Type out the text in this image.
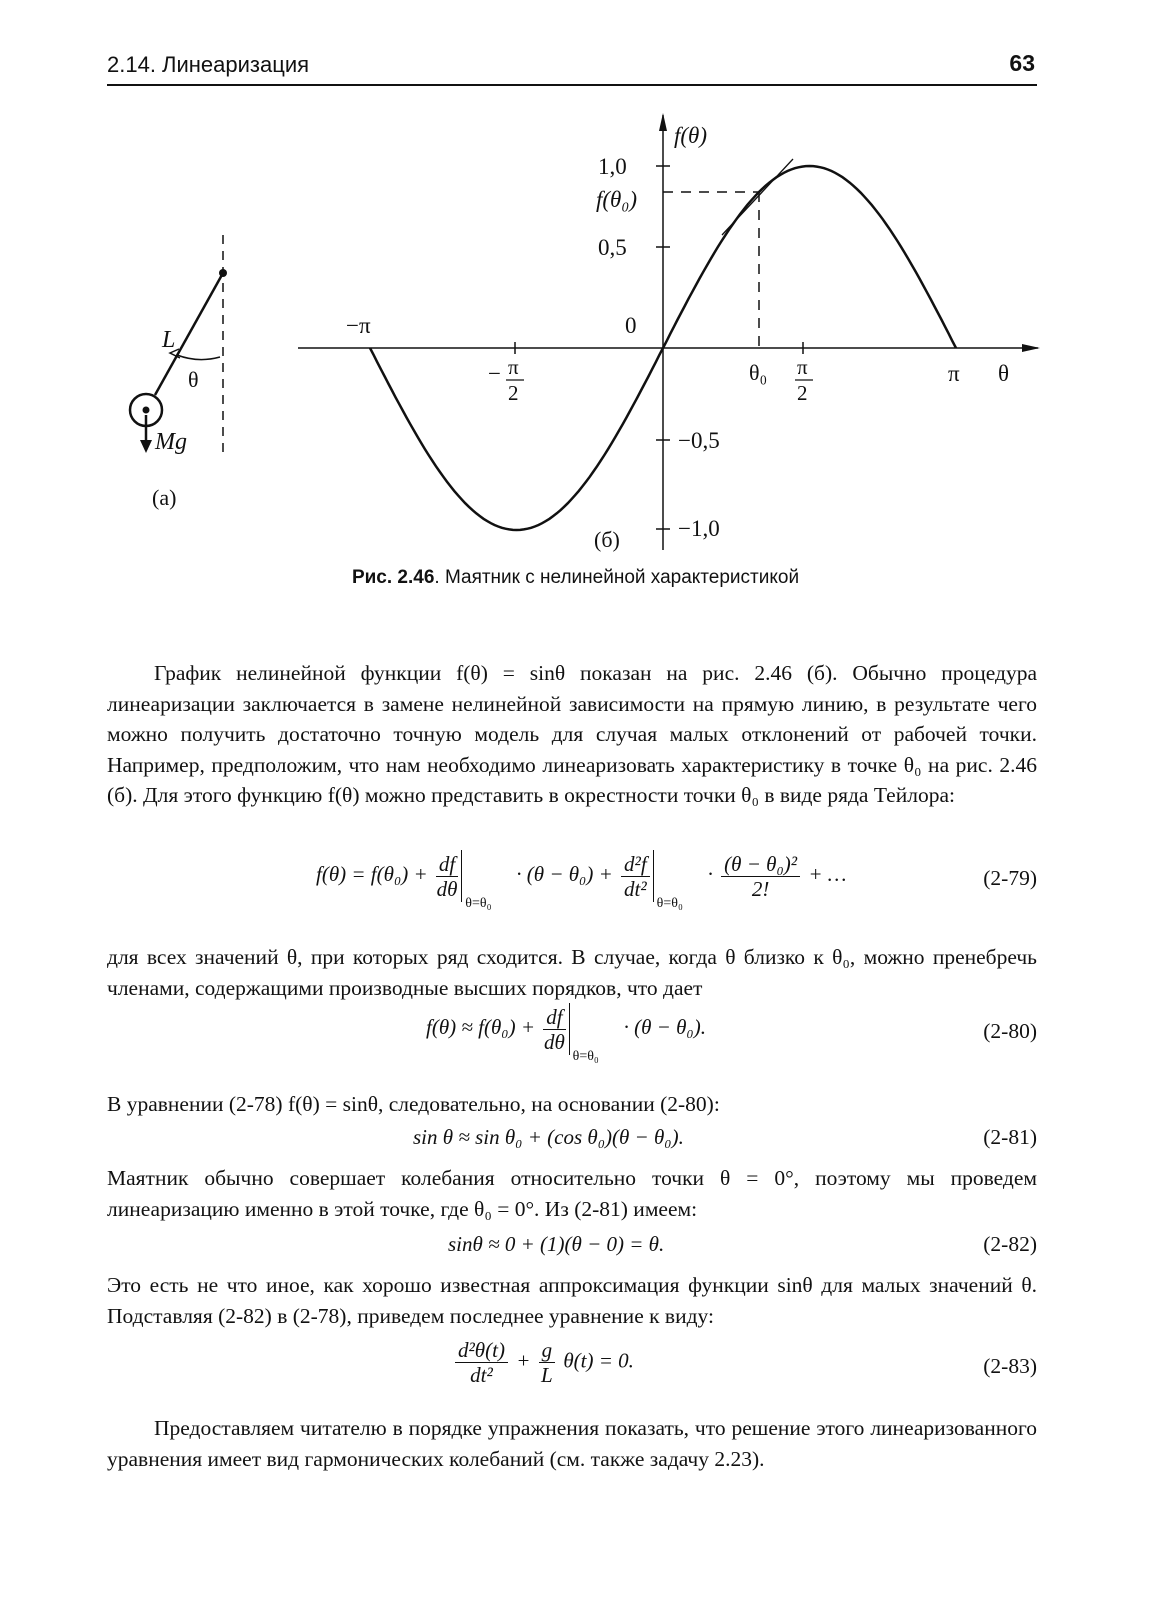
2.14. Линеаризация	63
L
θ
Mg
(а)
f(θ)
1,0
f(θ₀)
0,5
0
−0,5
−1,0
−π
− π
2
θ₀ π
2
π θ
(б)
Рис. 2.46. Маятник с нелинейной характеристикой
График нелинейной функции f(θ) = sinθ показан на рис. 2.46 (б). Обычно процедура линеаризации заключается в замене нелинейной зависимости на прямую линию, в результате чего можно получить достаточно точную модель для случая малых отклонений от рабочей точки. Например, предположим, что нам необходимо линеаризовать характеристику в точке θ₀ на рис. 2.46 (б). Для этого функцию f(θ) можно представить в окрестности точки θ₀ в виде ряда Тейлора:
$f(\theta) = f(\theta_0) + \frac{df}{d\theta}$
θ=θ₀
· $(\theta - \theta_0) + \frac{\text{d²f}}{\text{dt²}}$
θ=θ₀
· $\frac{\text{(θ − θ₀)²}}{2!}$ + …	(2-79)
для всех значений θ, при которых ряд сходится. В случае, когда θ близко к θ₀, можно пренебречь членами, содержащими производные высших порядков, что дает
$f(\theta) \approx f(\theta_0) + \frac{df}{d\theta}$
θ=θ₀
· (θ − θ₀).	(2-80)
В уравнении (2-78) f(θ) = sinθ, следовательно, на основании (2-80):
sin θ ≈ sin θ₀ + (cos θ₀)(θ − θ₀).	(2-81)
Маятник обычно совершает колебания относительно точки θ = 0°, поэтому мы проведем линеаризацию именно в этой точке, где θ₀ = 0°. Из (2-81) имеем:
sinθ ≈ 0 + (1)(θ − 0) = θ.	(2-82)
Это есть не что иное, как хорошо известная аппроксимация функции sinθ для малых значений θ. Подставляя (2-82) в (2-78), приведем последнее уравнение к виду:
$\frac{\text{d²θ(t)}}{\text{dt²}} + \frac{g}{L} \theta(t) = 0$.	(2-83)
Предоставляем читателю в порядке упражнения показать, что решение этого линеаризованного уравнения имеет вид гармонических колебаний (см. также задачу 2.23).
